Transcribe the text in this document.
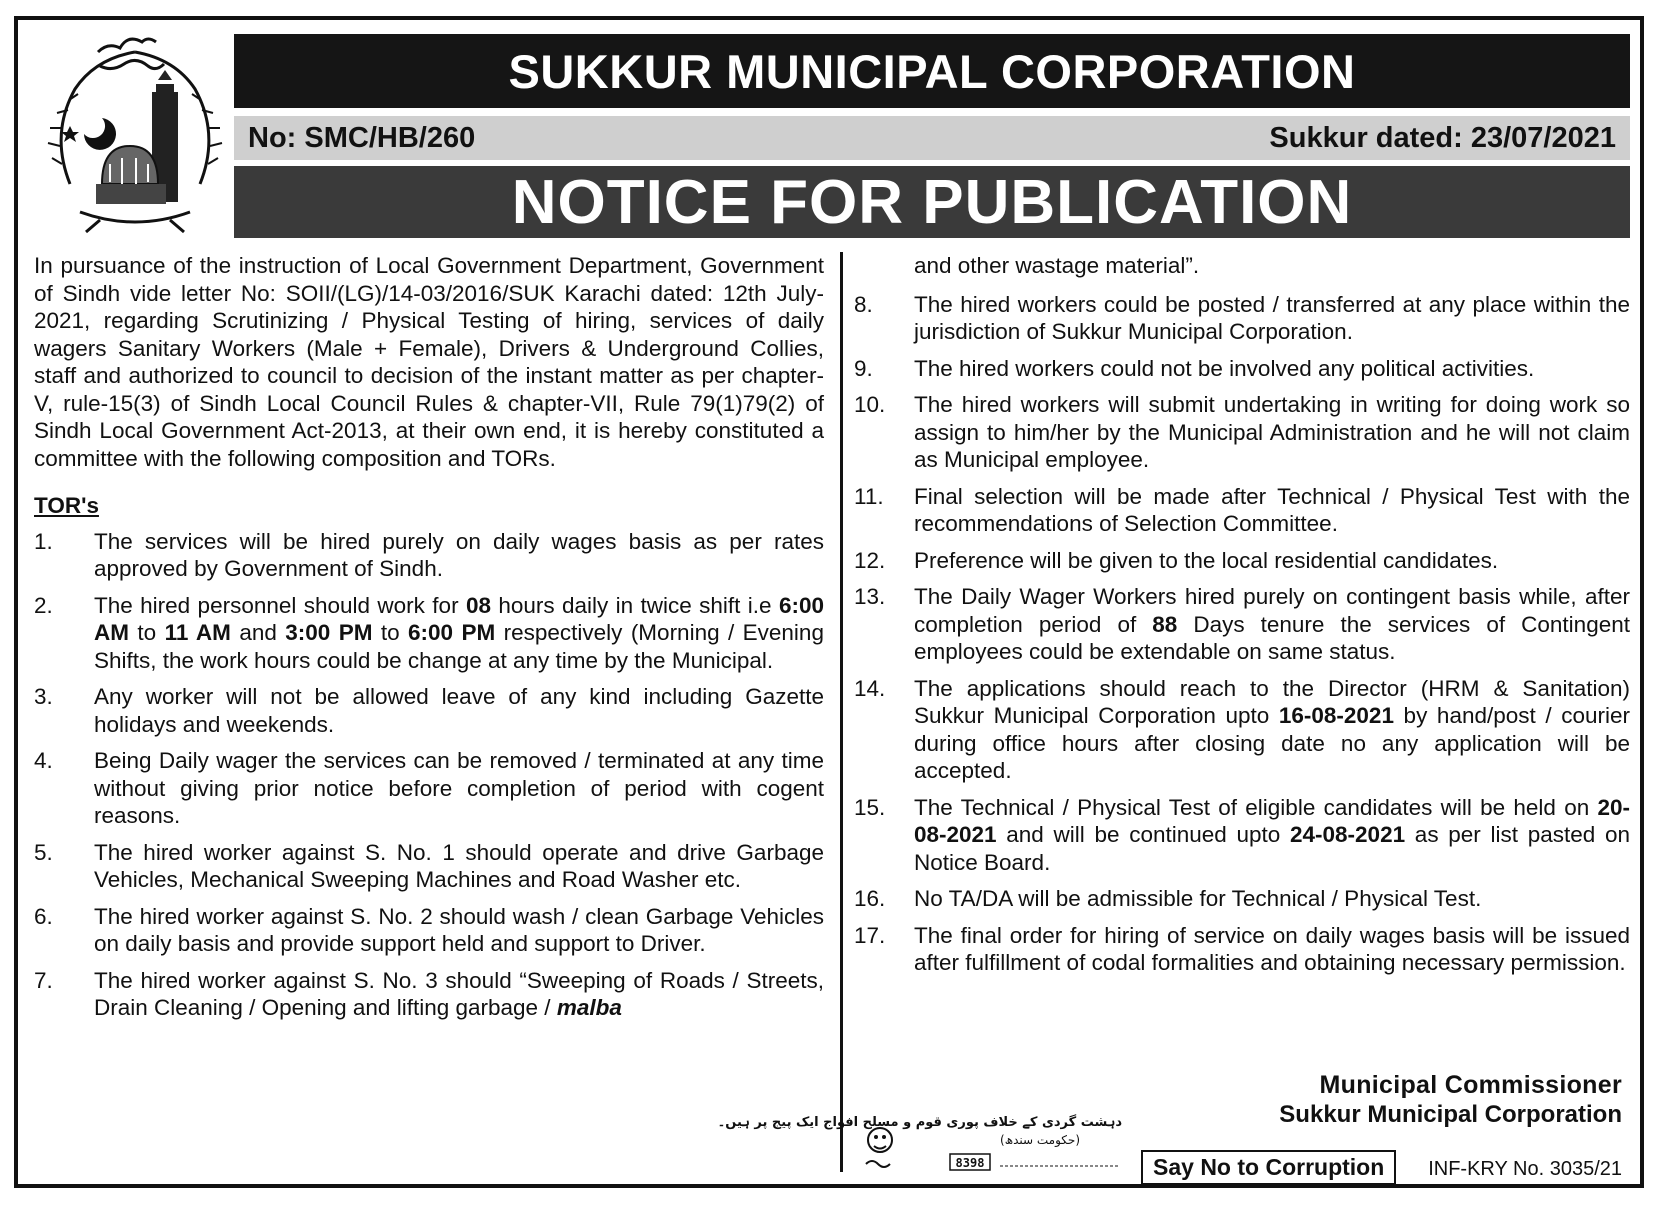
SUKKUR MUNICIPAL CORPORATION
No: SMC/HB/260	Sukkur dated: 23/07/2021
NOTICE FOR PUBLICATION

In pursuance of the instruction of Local Government Department, Government of Sindh vide letter No: SOII/(LG)/14-03/2016/SUK Karachi dated: 12th July-2021, regarding Scrutinizing / Physical Testing of hiring, services of daily wagers Sanitary Workers (Male + Female), Drivers & Underground Collies, staff and authorized to council to decision of the instant matter as per chapter-V, rule-15(3) of Sindh Local Council Rules & chapter-VII, Rule 79(1)79(2) of Sindh Local Government Act-2013, at their own end, it is hereby constituted a committee with the following composition and TORs.

TOR's
1.	The services will be hired purely on daily wages basis as per rates approved by Government of Sindh.
2.	The hired personnel should work for 08 hours daily in twice shift i.e 6:00 AM to 11 AM and 3:00 PM to 6:00 PM respectively (Morning / Evening Shifts, the work hours could be change at any time by the Municipal.
3.	Any worker will not be allowed leave of any kind including Gazette holidays and weekends.
4.	Being Daily wager the services can be removed / terminated at any time without giving prior notice before completion of period with cogent reasons.
5.	The hired worker against S. No. 1 should operate and drive Garbage Vehicles, Mechanical Sweeping Machines and Road Washer etc.
6.	The hired worker against S. No. 2 should wash / clean Garbage Vehicles on daily basis and provide support held and support to Driver.
7.	The hired worker against S. No. 3 should “Sweeping of Roads / Streets, Drain Cleaning / Opening and lifting garbage / malba
and other wastage material”.
8.	The hired workers could be posted / transferred at any place within the jurisdiction of Sukkur Municipal Corporation.
9.	The hired workers could not be involved any political activities.
10.	The hired workers will submit undertaking in writing for doing work so assign to him/her by the Municipal Administration and he will not claim as Municipal employee.
11.	Final selection will be made after Technical / Physical Test with the recommendations of Selection Committee.
12.	Preference will be given to the local residential candidates.
13.	The Daily Wager Workers hired purely on contingent basis while, after completion period of 88 Days tenure the services of Contingent employees could be extendable on same status.
14.	The applications should reach to the Director (HRM & Sanitation) Sukkur Municipal Corporation upto 16-08-2021 by hand/post / courier during office hours after closing date no any application will be accepted.
15.	The Technical / Physical Test of eligible candidates will be held on 20-08-2021 and will be continued upto 24-08-2021 as per list pasted on Notice Board.
16.	No TA/DA will be admissible for Technical / Physical Test.
17.	The final order for hiring of service on daily wages basis will be issued after fulfillment of codal formalities and obtaining necessary permission.
Municipal Commissioner
Sukkur Municipal Corporation
دہشت گردی کے خلاف پوری قوم و مسلح افواج ایک پیج پر ہیں۔
(حکومت سندھ)
8398	Say No to Corruption	INF-KRY No. 3035/21
